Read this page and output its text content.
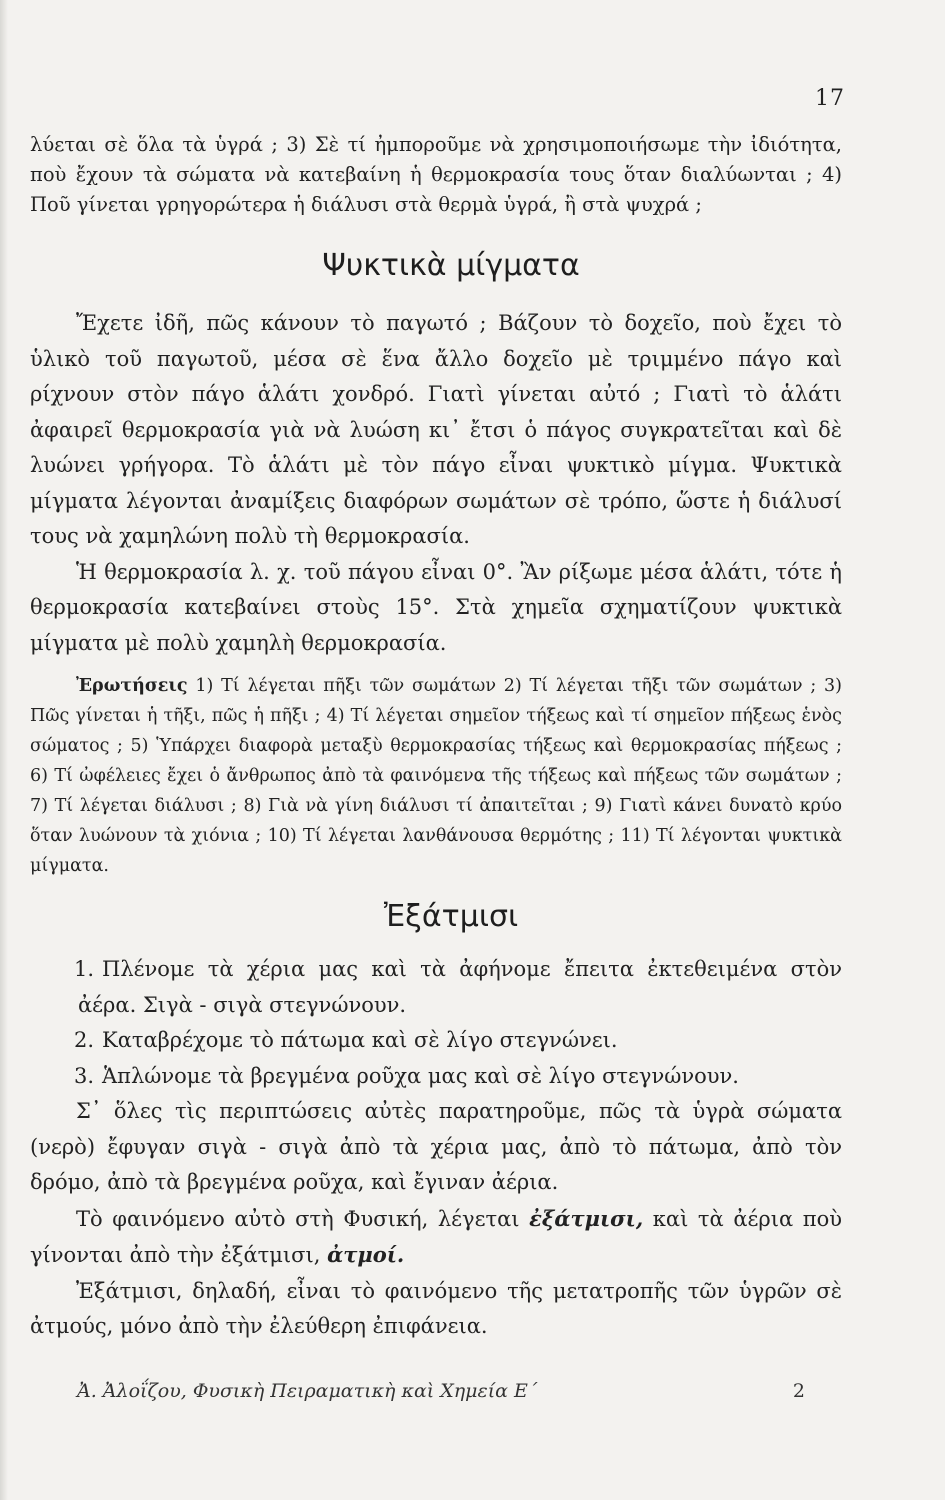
17

λύεται σὲ ὅλα τὰ ὑγρά ; 3) Σὲ τί ἠμποροῦμε νὰ χρησιμοποιήσωμε τὴν ἰδιότητα, ποὺ ἔχουν τὰ σώματα νὰ κατεβαίνη ἡ θερμοκρασία τους ὅταν διαλύωνται ; 4) Ποῦ γίνεται γρηγορώτερα ἡ διάλυσι στὰ θερμὰ ὑγρά, ἢ στὰ ψυχρά ;

Ψυκτικὰ μίγματα

Ἔχετε ἰδῆ, πῶς κάνουν τὸ παγωτό ; Βάζουν τὸ δοχεῖο, ποὺ ἔχει τὸ ὑλικὸ τοῦ παγωτοῦ, μέσα σὲ ἕνα ἄλλο δοχεῖο μὲ τριμμένο πάγο καὶ ρίχνουν στὸν πάγο ἁλάτι χονδρό. Γιατὶ γίνεται αὐτό ; Γιατὶ τὸ ἁλάτι ἀφαιρεῖ θερμοκρασία γιὰ νὰ λυώση κι᾿ ἔτσι ὁ πάγος συγκρατεῖται καὶ δὲ λυώνει γρήγορα. Τὸ ἁλάτι μὲ τὸν πάγο εἶναι ψυκτικὸ μίγμα. Ψυκτικὰ μίγματα λέγονται ἀναμίξεις διαφόρων σωμάτων σὲ τρόπο, ὥστε ἡ διάλυσί τους νὰ χαμηλώνη πολὺ τὴ θερμοκρασία.

Ἡ θερμοκρασία λ. χ. τοῦ πάγου εἶναι 0°. Ἂν ρίξωμε μέσα ἁλάτι, τότε ἡ θερμοκρασία κατεβαίνει στοὺς 15°. Στὰ χημεῖα σχηματίζουν ψυκτικὰ μίγματα μὲ πολὺ χαμηλὴ θερμοκρασία.

Ἐρωτήσεις 1) Τί λέγεται πῆξι τῶν σωμάτων 2) Τί λέγεται τῆξι τῶν σωμάτων ; 3) Πῶς γίνεται ἡ τῆξι, πῶς ἡ πῆξι ; 4) Τί λέγεται σημεῖον τήξεως καὶ τί σημεῖον πήξεως ἑνὸς σώματος ; 5) Ὑπάρχει διαφορὰ μεταξὺ θερμοκρασίας τήξεως καὶ θερμοκρασίας πήξεως ; 6) Τί ὠφέλειες ἔχει ὁ ἄνθρωπος ἀπὸ τὰ φαινόμενα τῆς τήξεως καὶ πήξεως τῶν σωμάτων ; 7) Τί λέγεται διάλυσι ; 8) Γιὰ νὰ γίνη διάλυσι τί ἀπαιτεῖται ; 9) Γιατὶ κάνει δυνατὸ κρύο ὅταν λυώνουν τὰ χιόνια ; 10) Τί λέγεται λανθάνουσα θερμότης ; 11) Τί λέγονται ψυκτικὰ μίγματα.

Ἐξάτμισι

1. Πλένομε τὰ χέρια μας καὶ τὰ ἀφήνομε ἔπειτα ἐκτεθειμένα στὸν ἀέρα. Σιγὰ - σιγὰ στεγνώνουν.

2. Καταβρέχομε τὸ πάτωμα καὶ σὲ λίγο στεγνώνει.

3. Ἁπλώνομε τὰ βρεγμένα ροῦχα μας καὶ σὲ λίγο στεγνώνουν.

Σ᾿ ὅλες τὶς περιπτώσεις αὐτὲς παρατηροῦμε, πῶς τὰ ὑγρὰ σώματα (νερὸ) ἔφυγαν σιγὰ - σιγὰ ἀπὸ τὰ χέρια μας, ἀπὸ τὸ πάτωμα, ἀπὸ τὸν δρόμο, ἀπὸ τὰ βρεγμένα ροῦχα, καὶ ἔγιναν ἀέρια.

Τὸ φαινόμενο αὐτὸ στὴ Φυσική, λέγεται ἐξάτμισι, καὶ τὰ ἀέρια ποὺ γίνονται ἀπὸ τὴν ἐξάτμισι, ἀτμοί.

Ἐξάτμισι, δηλαδή, εἶναι τὸ φαινόμενο τῆς μετατροπῆς τῶν ὑγρῶν σὲ ἀτμούς, μόνο ἀπὸ τὴν ἐλεύθερη ἐπιφάνεια.

Ἀ. Ἀλοΐζου, Φυσικὴ Πειραματικὴ καὶ Χημεία Ε΄	2
